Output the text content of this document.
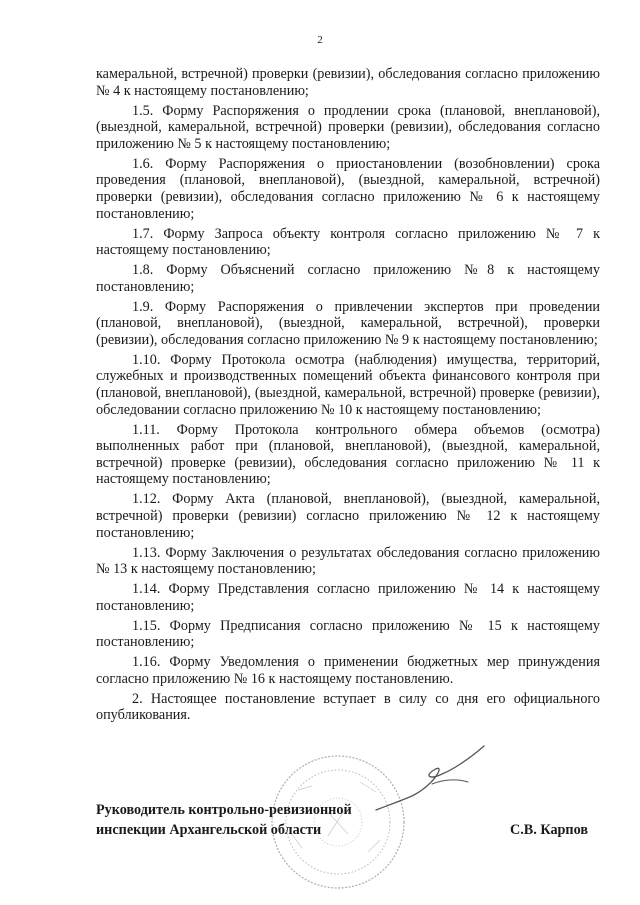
2

камеральной, встречной) проверки (ревизии), обследования согласно приложению № 4 к настоящему постановлению;

1.5. Форму Распоряжения о продлении срока (плановой, внеплановой), (выездной, камеральной, встречной) проверки (ревизии), обследования согласно приложению № 5 к настоящему постановлению;

1.6. Форму Распоряжения о приостановлении (возобновлении) срока проведения (плановой, внеплановой), (выездной, камеральной, встречной) проверки (ревизии), обследования согласно приложению № 6 к настоящему постановлению;

1.7. Форму Запроса объекту контроля согласно приложению № 7 к настоящему постановлению;

1.8. Форму Объяснений согласно приложению №8 к настоящему постановлению;

1.9. Форму Распоряжения о привлечении экспертов при проведении (плановой, внеплановой), (выездной, камеральной, встречной), проверки (ревизии), обследования согласно приложению № 9 к настоящему постановлению;

1.10. Форму Протокола осмотра (наблюдения) имущества, территорий, служебных и производственных помещений объекта финансового контроля при (плановой, внеплановой), (выездной, камеральной, встречной) проверке (ревизии), обследовании согласно приложению № 10 к настоящему постановлению;

1.11. Форму Протокола контрольного обмера объемов (осмотра) выполненных работ при (плановой, внеплановой), (выездной, камеральной, встречной) проверке (ревизии), обследования согласно приложению № 11 к настоящему постановлению;

1.12. Форму Акта (плановой, внеплановой), (выездной, камеральной, встречной) проверки (ревизии) согласно приложению № 12 к настоящему постановлению;

1.13. Форму Заключения о результатах обследования согласно приложению № 13 к настоящему постановлению;

1.14. Форму Представления согласно приложению № 14 к настоящему постановлению;

1.15. Форму Предписания согласно приложению № 15 к настоящему постановлению;

1.16. Форму Уведомления о применении бюджетных мер принуждения согласно приложению № 16 к настоящему постановлению.

2. Настоящее постановление вступает в силу со дня его официального опубликования.

Руководитель контрольно-ревизионной
инспекции Архангельской области	С.В. Карпов
